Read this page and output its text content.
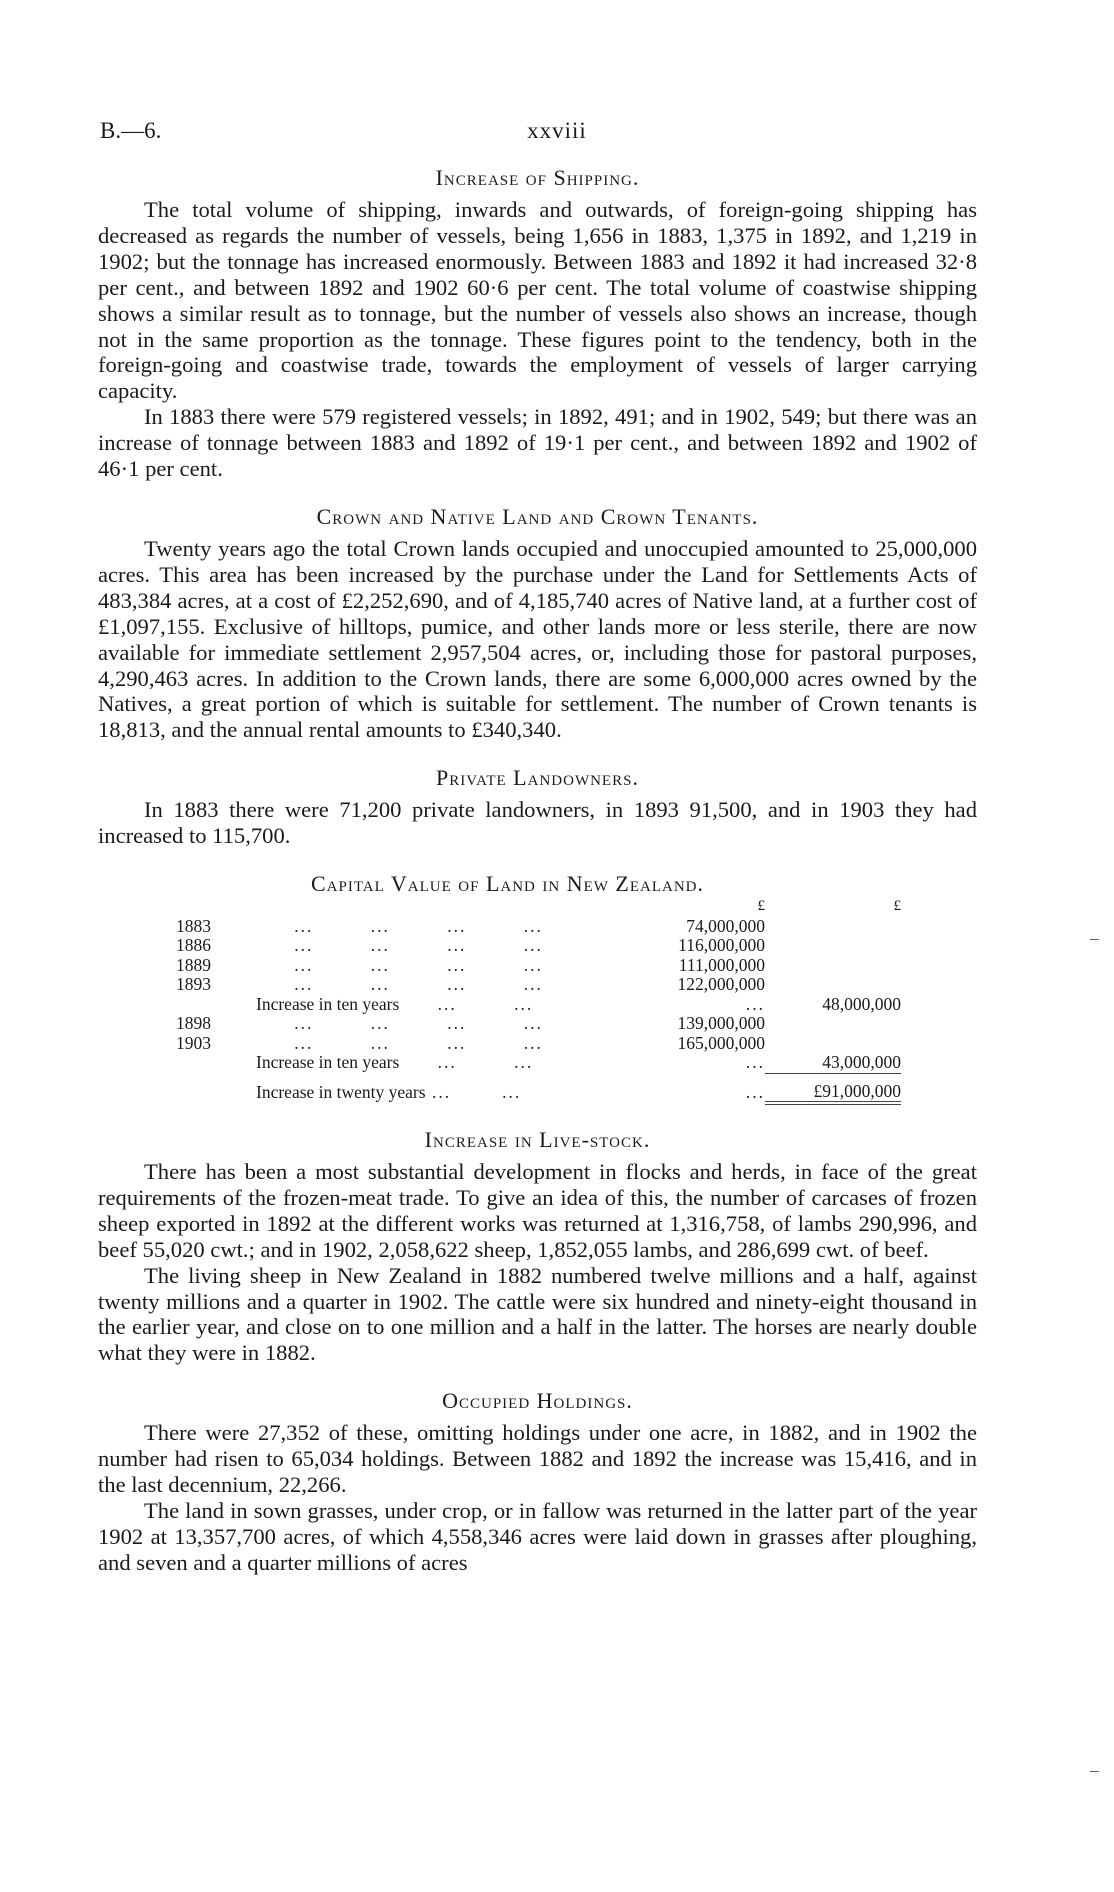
B.—6.	xxviii
Increase of Shipping.

The total volume of shipping, inwards and outwards, of foreign-going shipping has decreased as regards the number of vessels, being 1,656 in 1883, 1,375 in 1892, and 1,219 in 1902; but the tonnage has increased enormously. Between 1883 and 1892 it had increased 32·8 per cent., and between 1892 and 1902 60·6 per cent. The total volume of coastwise shipping shows a similar result as to tonnage, but the number of vessels also shows an increase, though not in the same proportion as the tonnage. These figures point to the tendency, both in the foreign-going and coastwise trade, towards the employment of vessels of larger carrying capacity.

In 1883 there were 579 registered vessels; in 1892, 491; and in 1902, 549; but there was an increase of tonnage between 1883 and 1892 of 19·1 per cent., and between 1892 and 1902 of 46·1 per cent.

Crown and Native Land and Crown Tenants.

Twenty years ago the total Crown lands occupied and unoccupied amounted to 25,000,000 acres. This area has been increased by the purchase under the Land for Settlements Acts of 483,384 acres, at a cost of £2,252,690, and of 4,185,740 acres of Native land, at a further cost of £1,097,155. Exclusive of hilltops, pumice, and other lands more or less sterile, there are now available for immediate settlement 2,957,504 acres, or, including those for pastoral purposes, 4,290,463 acres. In addition to the Crown lands, there are some 6,000,000 acres owned by the Natives, a great portion of which is suitable for settlement. The number of Crown tenants is 18,813, and the annual rental amounts to £340,340.

Private Landowners.

In 1883 there were 71,200 private landowners, in 1893 91,500, and in 1903 they had increased to 115,700.

Capital Value of Land in New Zealand.
		£	£
1883	...         ...         ...         ...	74,000,000	
1886	...         ...         ...         ...	116,000,000	
1889	...         ...         ...         ...	111,000,000	
1893	...         ...         ...         ...	122,000,000	
	Increase in ten years      ...         ...	...	48,000,000
1898	...         ...         ...         ...	139,000,000	
1903	...         ...         ...         ...	165,000,000	
	Increase in ten years      ...         ...	...	43,000,000

	Increase in twenty years ...        ...	...	£91,000,000
Increase in Live-stock.

There has been a most substantial development in flocks and herds, in face of the great requirements of the frozen-meat trade. To give an idea of this, the number of carcases of frozen sheep exported in 1892 at the different works was returned at 1,316,758, of lambs 290,996, and beef 55,020 cwt.; and in 1902, 2,058,622 sheep, 1,852,055 lambs, and 286,699 cwt. of beef.

The living sheep in New Zealand in 1882 numbered twelve millions and a half, against twenty millions and a quarter in 1902. The cattle were six hundred and ninety-eight thousand in the earlier year, and close on to one million and a half in the latter. The horses are nearly double what they were in 1882.

Occupied Holdings.

There were 27,352 of these, omitting holdings under one acre, in 1882, and in 1902 the number had risen to 65,034 holdings. Between 1882 and 1892 the increase was 15,416, and in the last decennium, 22,266.

The land in sown grasses, under crop, or in fallow was returned in the latter part of the year 1902 at 13,357,700 acres, of which 4,558,346 acres were laid down in grasses after ploughing, and seven and a quarter millions of acres

–
–
